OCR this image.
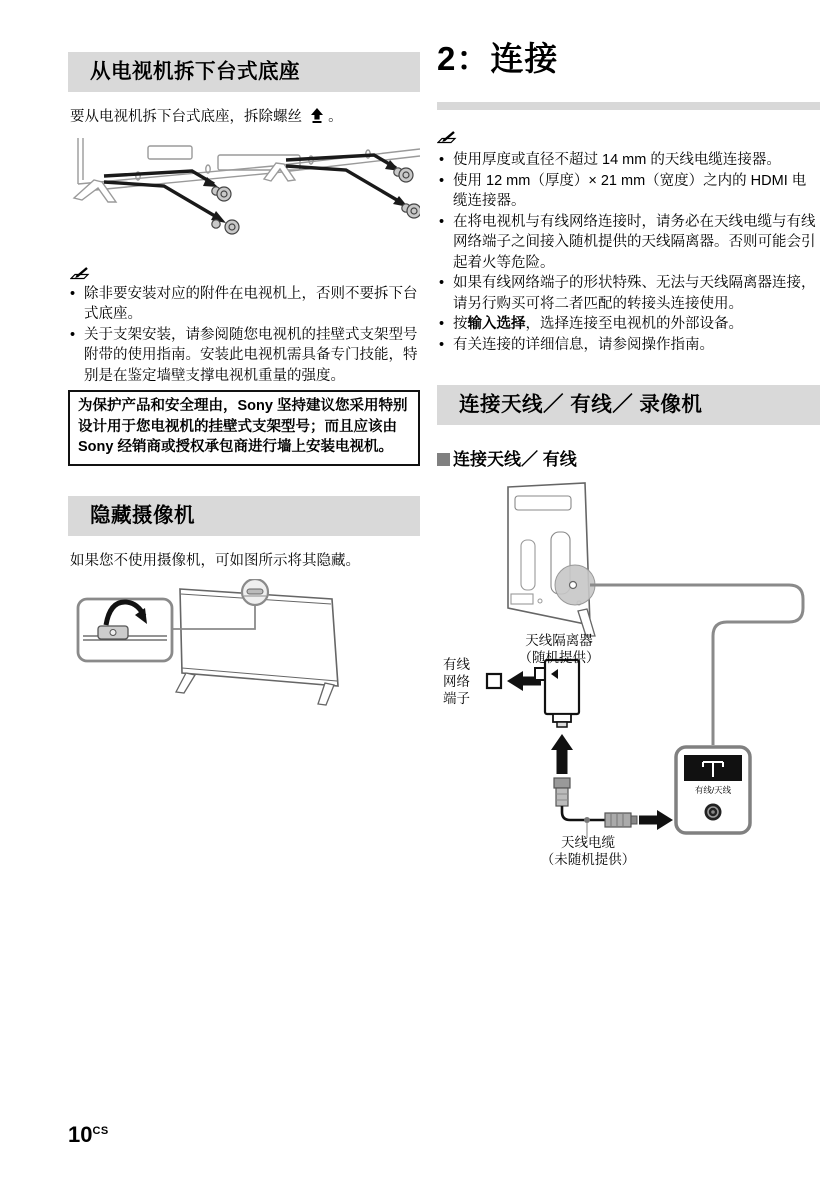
从电视机拆下台式底座

要从电视机拆下台式底座，拆除螺丝 。

• 除非要安装对应的附件在电视机上，否则不要拆下台式底座。
• 关于支架安装，请参阅随您电视机的挂壁式支架型号附带的使用指南。安装此电视机需具备专门技能，特别是在鉴定墙壁支撑电视机重量的强度。
为保护产品和安全理由，Sony 坚持建议您采用特别设计用于您电视机的挂壁式支架型号；而且应该由 Sony 经销商或授权承包商进行墙上安装电视机。
隐藏摄像机

如果您不使用摄像机，可如图所示将其隐藏。

2：连接
• 使用厚度或直径不超过 14 mm 的天线电缆连接器。
• 使用 12 mm（厚度）× 21 mm（宽度）之内的 HDMI 电缆连接器。
• 在将电视机与有线网络连接时，请务必在天线电缆与有线网络端子之间接入随机提供的天线隔离器。否则可能会引起着火等危险。
• 如果有线网络端子的形状特殊、无法与天线隔离器连接，请另行购买可将二者匹配的转接头连接使用。
• 按输入选择，选择连接至电视机的外部设备。
• 有关连接的详细信息，请参阅操作指南。
连接天线／ 有线／ 录像机
连接天线／ 有线
天线隔离器
（随机提供）
有线
网络
端子
天线电缆
（未随机提供）
有线/天线
$10^{CS}$
